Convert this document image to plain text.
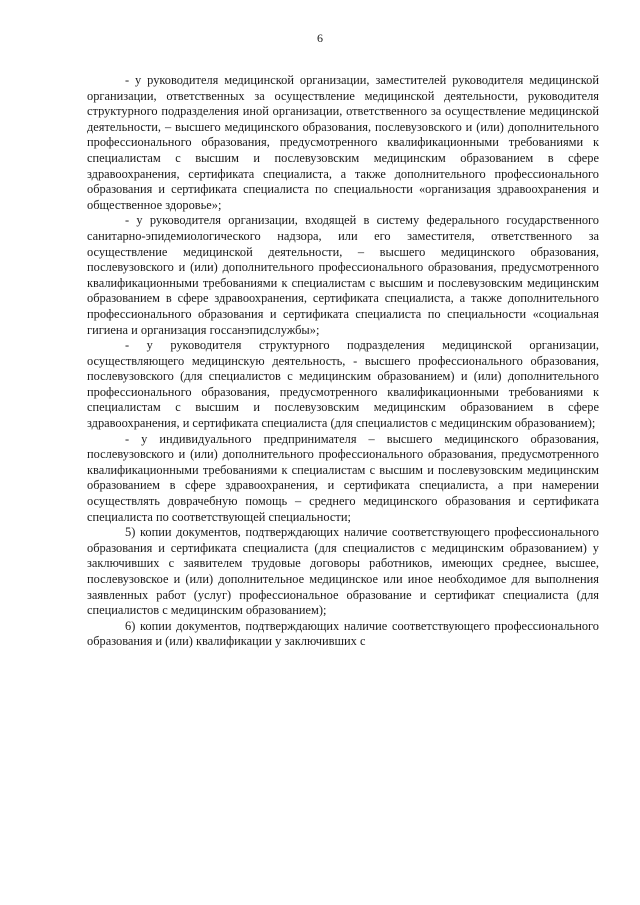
6

- у руководителя медицинской организации, заместителей руководителя медицинской организации, ответственных за осуществление медицинской деятельности, руководителя структурного подразделения иной организации, ответственного за осуществление медицинской деятельности, – высшего медицинского образования, послевузовского и (или) дополнительного профессионального образования, предусмотренного квалификационными требованиями к специалистам с высшим и послевузовским медицинским образованием в сфере здравоохранения, сертификата специалиста, а также дополнительного профессионального образования и сертификата специалиста по специальности «организация здравоохранения и общественное здоровье»;

- у руководителя организации, входящей в систему федерального государственного санитарно-эпидемиологического надзора, или его заместителя, ответственного за осуществление медицинской деятельности, – высшего медицинского образования, послевузовского и (или) дополнительного профессионального образования, предусмотренного квалификационными требованиями к специалистам с высшим и послевузовским медицинским образованием в сфере здравоохранения, сертификата специалиста, а также дополнительного профессионального образования и сертификата специалиста по специальности «социальная гигиена и организация госсанэпидслужбы»;

- у руководителя структурного подразделения медицинской организации, осуществляющего медицинскую деятельность, - высшего профессионального образования, послевузовского (для специалистов с медицинским образованием) и (или) дополнительного профессионального образования, предусмотренного квалификационными требованиями к специалистам с высшим и послевузовским медицинским образованием в сфере здравоохранения, и сертификата специалиста (для специалистов с медицинским образованием);

- у индивидуального предпринимателя – высшего медицинского образования, послевузовского и (или) дополнительного профессионального образования, предусмотренного квалификационными требованиями к специалистам с высшим и послевузовским медицинским образованием в сфере здравоохранения, и сертификата специалиста, а при намерении осуществлять доврачебную помощь – среднего медицинского образования и сертификата специалиста по соответствующей специальности;

5) копии документов, подтверждающих наличие соответствующего профессионального образования и сертификата специалиста (для специалистов с медицинским образованием) у заключивших с заявителем трудовые договоры работников, имеющих среднее, высшее, послевузовское и (или) дополнительное медицинское или иное необходимое для выполнения заявленных работ (услуг) профессиональное образование и сертификат специалиста (для специалистов с медицинским образованием);

6) копии документов, подтверждающих наличие соответствующего профессионального образования и (или) квалификации у заключивших с
